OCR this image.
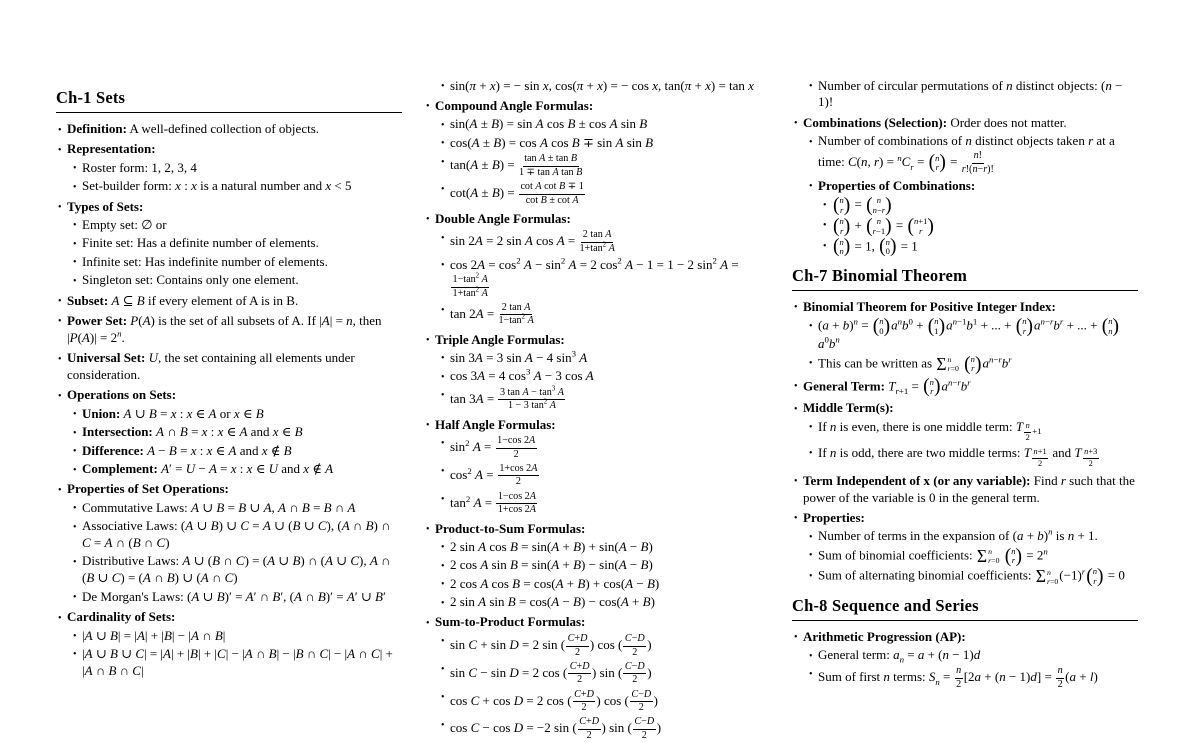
Ch-1 Sets
• Definition: A well-defined collection of objects.
• Representation:
• Roster form: 1, 2, 3, 4
• Set-builder form: x : x is a natural number and x < 5
• Types of Sets:
• Empty set: ∅ or
• Finite set: Has a definite number of elements.
• Infinite set: Has indefinite number of elements.
• Singleton set: Contains only one element.
• Subset: A ⊆ B if every element of A is in B.
• Power Set: P(A) is the set of all subsets of A. If |A| = n, then $|P(A)| = 2^n$.
• Universal Set: U, the set containing all elements under consideration.
• Operations on Sets:
• Union: A ∪ B = x : x ∈ A or x ∈ B
• Intersection: A ∩ B = x : x ∈ A and x ∈ B
• Difference: A − B = x : x ∈ A and x ∉ B
• Complement: A′ = U − A = x : x ∈ U and x ∉ A
• Properties of Set Operations:
• Commutative Laws: A ∪ B = B ∪ A, A ∩ B = B ∩ A
• Associative Laws: (A ∪ B) ∪ C = A ∪ (B ∪ C), (A ∩ B) ∩ C = A ∩ (B ∩ C)
• Distributive Laws: A ∪ (B ∩ C) = (A ∪ B) ∩ (A ∪ C), A ∩ (B ∪ C) = (A ∩ B) ∪ (A ∩ C)
• De Morgan's Laws: (A ∪ B)′ = A′ ∩ B′, (A ∩ B)′ = A′ ∪ B′
• Cardinality of Sets:
• |A ∪ B| = |A| + |B| − |A ∩ B|
• |A ∪ B ∪ C| = |A| + |B| + |C| − |A ∩ B| − |B ∩ C| − |A ∩ C| + |A ∩ B ∩ C|
• sin(π + x) = − sin x, cos(π + x) = − cos x, tan(π + x) = tan x
• Compound Angle Formulas:
• sin(A ± B) = sin A cos B ± cos A sin B
• cos(A ± B) = cos A cos B ∓ sin A sin B
• $\tan(A \pm B) = \frac{\text{tan A ± tan B}}{\text{1 ∓ tan A tan B}}$
• $\cot(A \pm B) = \frac{\text{cot A cot B ∓ 1}}{\text{cot B ± cot A}}$
• Double Angle Formulas:
• sin 2A = 2 sin A $\cos A = \frac{\text{2 tan A}}{1+\tan^2 A}$
• $\cos 2A = \cos^2 A - \sin^2 A = 2$ $\cos^2 A - 1 = 1 - 2$ $\sin^2 A$ =
$\frac{1-\tan^2 A}{1+\tan^2 A}$
• $\tan 2A = \frac{\text{2 tan A}}{1-\tan^2 A}$
• Triple Angle Formulas:
• sin 3A = 3 sin A − 4 $\sin^3 A$
• cos 3A = 4 $\cos^3 A - 3$ cos A
• $\tan 3A = \frac{3 \tan A - \tan^3 A}{1 - 3 \tan^2 A}$
• Half Angle Formulas:
• $\sin^2 A = \frac{1-\cos 2A}{2}$
• $\cos^2 A = \frac{1+\cos 2A}{2}$
• $\tan^2 A = \frac{1-\cos 2A}{1+\cos 2A}$
• Product-to-Sum Formulas:
• 2 sin A cos B = sin(A + B) + sin(A − B)
• 2 cos A sin B = sin(A + B) − sin(A − B)
• 2 cos A cos B = cos(A + B) + cos(A − B)
• 2 sin A sin B = cos(A − B) − cos(A + B)
• Sum-to-Product Formulas:
• sin C + sin D = 2 sin ( $\frac{C+D}{2}$ ) cos ( $\frac{C-D}{2}$ )
• sin C − sin D = 2 cos ( $\frac{C+D}{2}$ ) sin ( $\frac{C-D}{2}$ )
• cos C + cos D = 2 cos ( $\frac{C+D}{2}$ ) cos ( $\frac{C-D}{2}$ )
• cos C − cos D = −2 sin ( $\frac{C+D}{2}$ ) sin ( $\frac{C-D}{2}$ )
• Number of circular permutations of n distinct objects: (n − 1)!
• Combinations (Selection): Order does not matter.
• Number of combinations of n distinct objects taken r at a time: C(n, $r) = ^nC_r$ = ( n
r
) = $\frac{n!}{r!(n-r)!}$
• Properties of Combinations:
•	( n
r
) = ( n
n−r
)
•	( n
r
) + ( n
r−1
) = ( n+1
r
)
•	( n
n
) = 1, ( n
0
) = 1
Ch-7 Binomial Theorem
• Binomial Theorem for Positive Integer Index:
• $(a + b)^n$ = ( n
0
) $a^nb^0$ + ( n
1
) $a^{n-1}b^1$ + ... + ( n
r
) $a^{n-r}b^r$ + ... + ( n
n
)$a^0b^n$
• This can be written as Σ n
r=0

( n
r
) $a^{n-r}b^r$
• General Term: $T_{r+1}$ = ( n
r
) $a^{n-r}b^r$
• Middle Term(s):
• If n is even, there is one middle term: T $_{\frac{n}{2} +1}$
• If n is odd, there are two middle terms: T $_{\frac{n+1}{2}}$ and T $_{\frac{n+3}{2}}$
• Term Independent of x (or any variable): Find r such that the power of the variable is 0 in the general term.
• Properties:
• Number of terms in the expansion of $(a + b)^n$ is n + 1.
• Sum of binomial coefficients: Σ n
r=0

( n
r
) = $2^n$
• Sum of alternating binomial coefficients: Σ n
r=0 $(-1)^r$ ( n
r
) = 0
Ch-8 Sequence and Series
• Arithmetic Progression (AP):
• General term: $a_n = a + (n - 1)d$
• Sum of first n terms: $S_n = \frac{n}{2} [2a + (n - 1)d] = \frac{n}{2} (a + l)$
